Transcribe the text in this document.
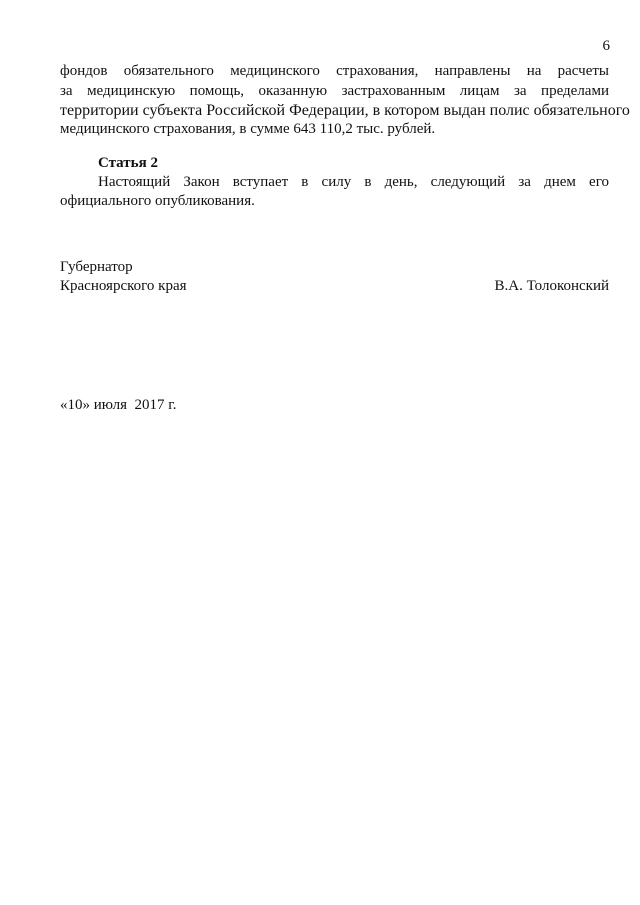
6
фондов обязательного медицинского страхования, направлены на расчеты
за медицинскую помощь, оказанную застрахованным лицам за пределами
территории субъекта Российской Федерации, в котором выдан полис обязательного
медицинского страхования, в сумме 643 110,2 тыс. рублей.
Статья 2
Настоящий Закон вступает в силу в день, следующий за днем его
официального опубликования.
Губернатор
Красноярского края	В.А. Толоконский
«10» июля  2017 г.
